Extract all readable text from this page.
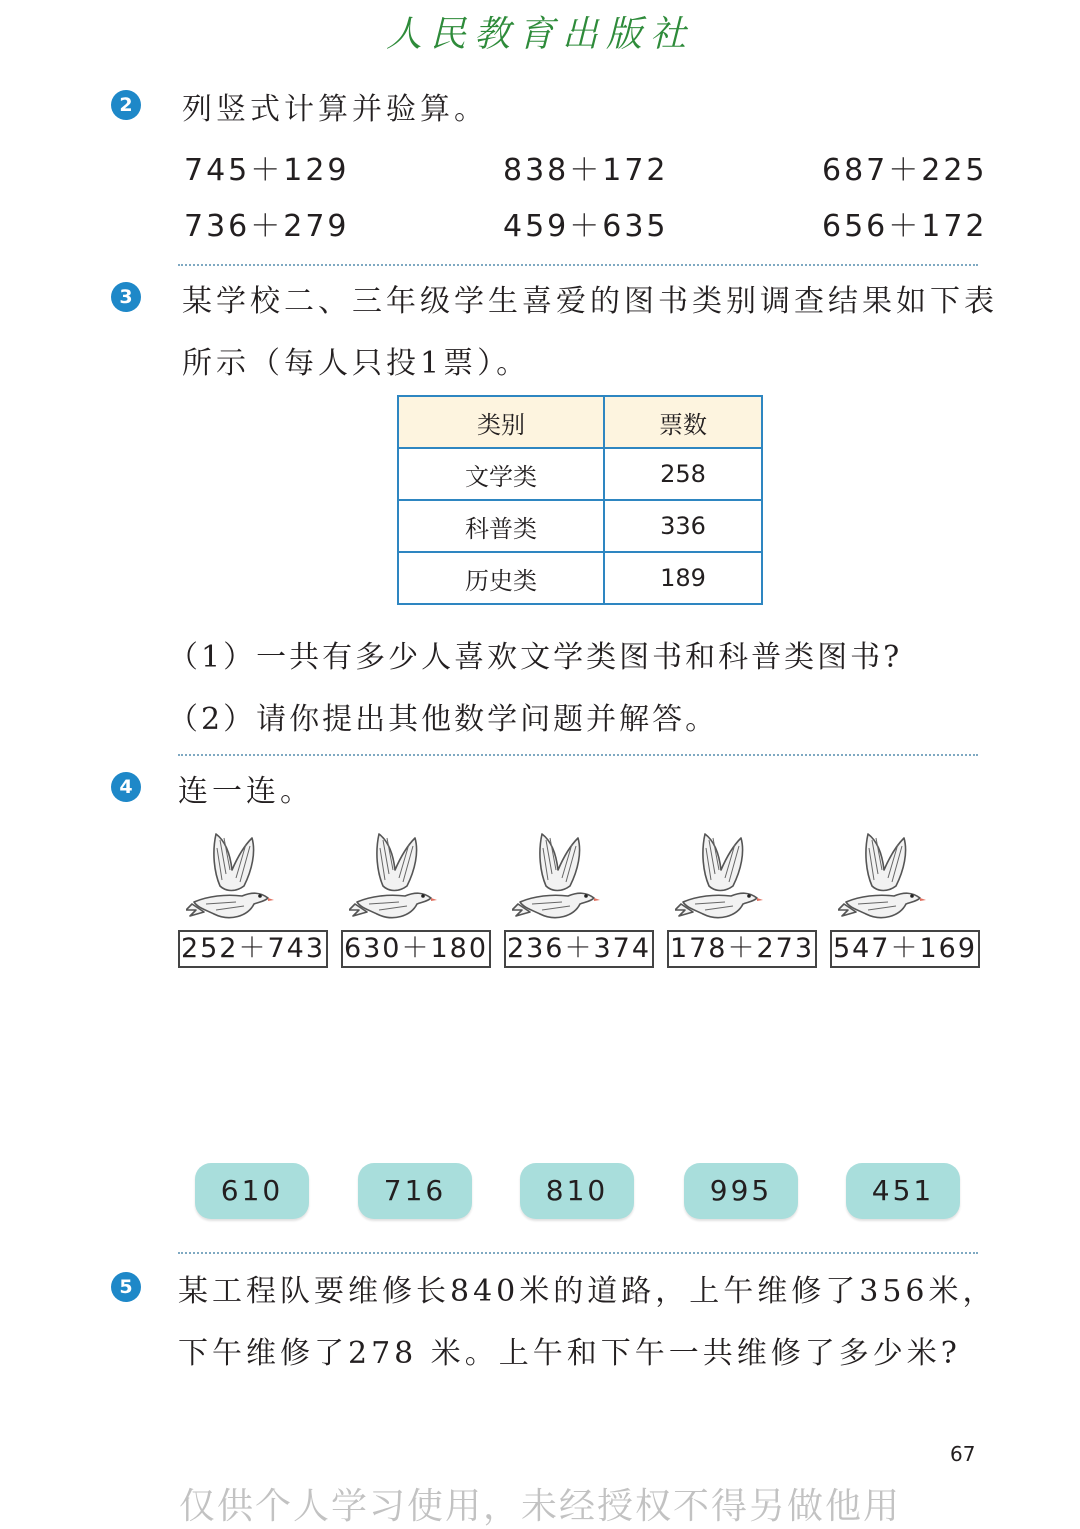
人民教育出版社
2 列竖式计算并验算。
745＋129	838＋172	687＋225
736＋279	459＋635	656＋172
3 某学校二、三年级学生喜爱的图书类别调查结果如下表
所示（每人只投1票）。
类别	票数
文学类	258
科普类	336
历史类	189
（1）一共有多少人喜欢文学类图书和科普类图书?
（2）请你提出其他数学问题并解答。
4 连一连。
252＋743 630＋180 236＋374 178＋273 547＋169
610	716	810	995	451
5 某工程队要维修长840米的道路，上午维修了356米，
下午维修了278 米。上午和下午一共维修了多少米?
67
仅供个人学习使用，未经授权不得另做他用
